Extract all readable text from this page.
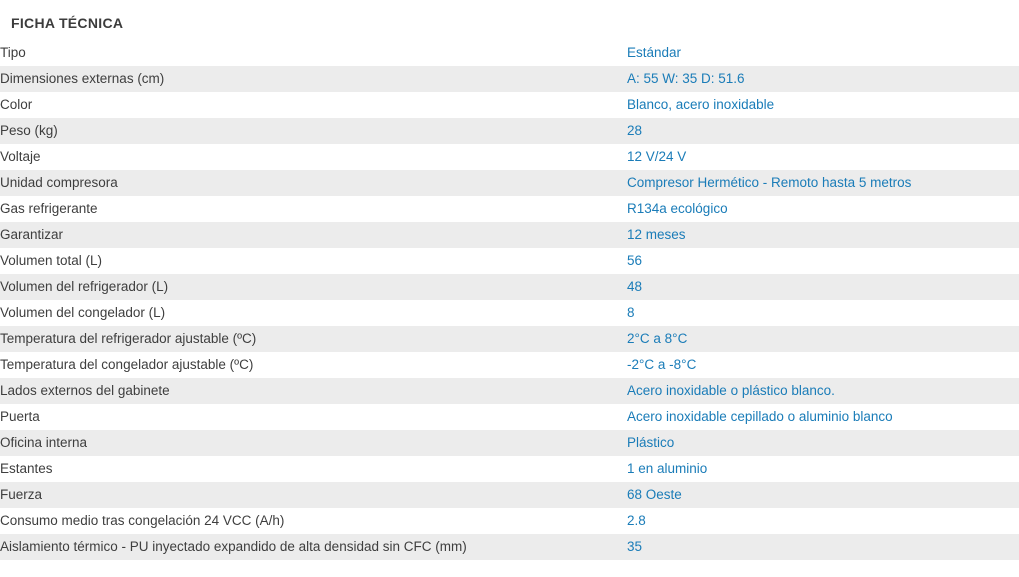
FICHA TÉCNICA
Tipo	Estándar
Dimensiones externas (cm)	A: 55 W: 35 D: 51.6
Color	Blanco, acero inoxidable
Peso (kg)	28
Voltaje	12 V/24 V
Unidad compresora	Compresor Hermético - Remoto hasta 5 metros
Gas refrigerante	R134a ecológico
Garantizar	12 meses
Volumen total (L)	56
Volumen del refrigerador (L)	48
Volumen del congelador (L)	8
Temperatura del refrigerador ajustable (ºC)	2°C a 8°C
Temperatura del congelador ajustable (ºC)	-2°C a -8°C
Lados externos del gabinete	Acero inoxidable o plástico blanco.
Puerta	Acero inoxidable cepillado o aluminio blanco
Oficina interna	Plástico
Estantes	1 en aluminio
Fuerza	68 Oeste
Consumo medio tras congelación 24 VCC (A/h)	2.8
Aislamiento térmico - PU inyectado expandido de alta densidad sin CFC (mm)	35
